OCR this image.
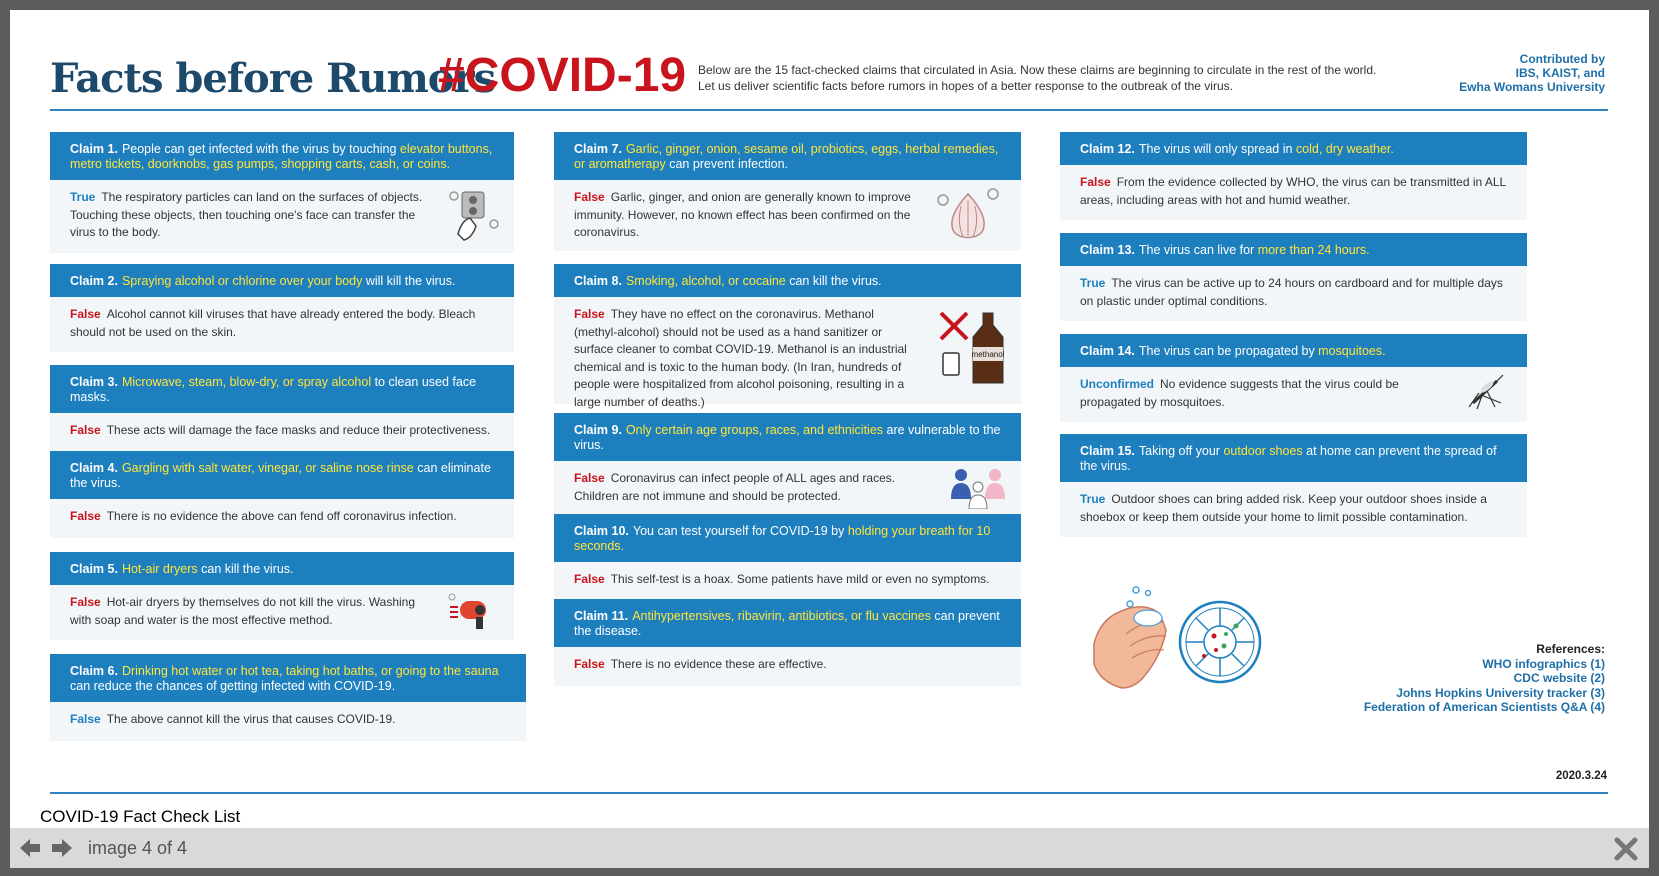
Facts before Rumors
#COVID-19 Below are the 15 fact-checked claims that circulated in Asia. Now these claims are beginning to circulate in the rest of the world.
Let us deliver scientific facts before rumors in hopes of a better response to the outbreak of the virus.
Contributed by
IBS, KAIST, and
Ewha Womans University
Claim 1. People can get infected with the virus by touching elevator buttons, metro tickets, doorknobs, gas pumps, shopping carts, cash, or coins.
True The respiratory particles can land on the surfaces of objects. Touching these objects, then touching one's face can transfer the virus to the body.
Claim 2. Spraying alcohol or chlorine over your body will kill the virus.
False Alcohol cannot kill viruses that have already entered the body. Bleach should not be used on the skin.
Claim 3. Microwave, steam, blow-dry, or spray alcohol to clean used face masks.
False These acts will damage the face masks and reduce their protectiveness.
Claim 4. Gargling with salt water, vinegar, or saline nose rinse can eliminate the virus.
False There is no evidence the above can fend off coronavirus infection.
Claim 5. Hot-air dryers can kill the virus.
False Hot-air dryers by themselves do not kill the virus. Washing with soap and water is the most effective method.
Claim 6. Drinking hot water or hot tea, taking hot baths, or going to the sauna can reduce the chances of getting infected with COVID-19.
False The above cannot kill the virus that causes COVID-19.
Claim 7. Garlic, ginger, onion, sesame oil, probiotics, eggs, herbal remedies, or aromatherapy can prevent infection.
False Garlic, ginger, and onion are generally known to improve immunity. However, no known effect has been confirmed on the coronavirus.
Claim 8. Smoking, alcohol, or cocaine can kill the virus.
False They have no effect on the coronavirus. Methanol (methyl-alcohol) should not be used as a hand sanitizer or surface cleaner to combat COVID-19. Methanol is an industrial chemical and is toxic to the human body. (In Iran, hundreds of people were hospitalized from alcohol poisoning, resulting in a large number of deaths.)
methanol
Claim 9. Only certain age groups, races, and ethnicities are vulnerable to the virus.
False Coronavirus can infect people of ALL ages and races. Children are not immune and should be protected.
Claim 10. You can test yourself for COVID-19 by holding your breath for 10 seconds.
False This self-test is a hoax. Some patients have mild or even no symptoms.
Claim 11. Antihypertensives, ribavirin, antibiotics, or flu vaccines can prevent the disease.
False There is no evidence these are effective.
Claim 12. The virus will only spread in cold, dry weather.
False From the evidence collected by WHO, the virus can be transmitted in ALL areas, including areas with hot and humid weather.
Claim 13. The virus can live for more than 24 hours.
True The virus can be active up to 24 hours on cardboard and for multiple days on plastic under optimal conditions.
Claim 14. The virus can be propagated by mosquitoes.
Unconfirmed No evidence suggests that the virus could be propagated by mosquitoes.
Claim 15. Taking off your outdoor shoes at home can prevent the spread of the virus.
True Outdoor shoes can bring added risk. Keep your outdoor shoes inside a shoebox or keep them outside your home to limit possible contamination.
References:
WHO infographics (1)
CDC website (2)
Johns Hopkins University tracker (3)
Federation of American Scientists Q&A (4)
2020.3.24
COVID-19 Fact Check List
image 4 of 4
